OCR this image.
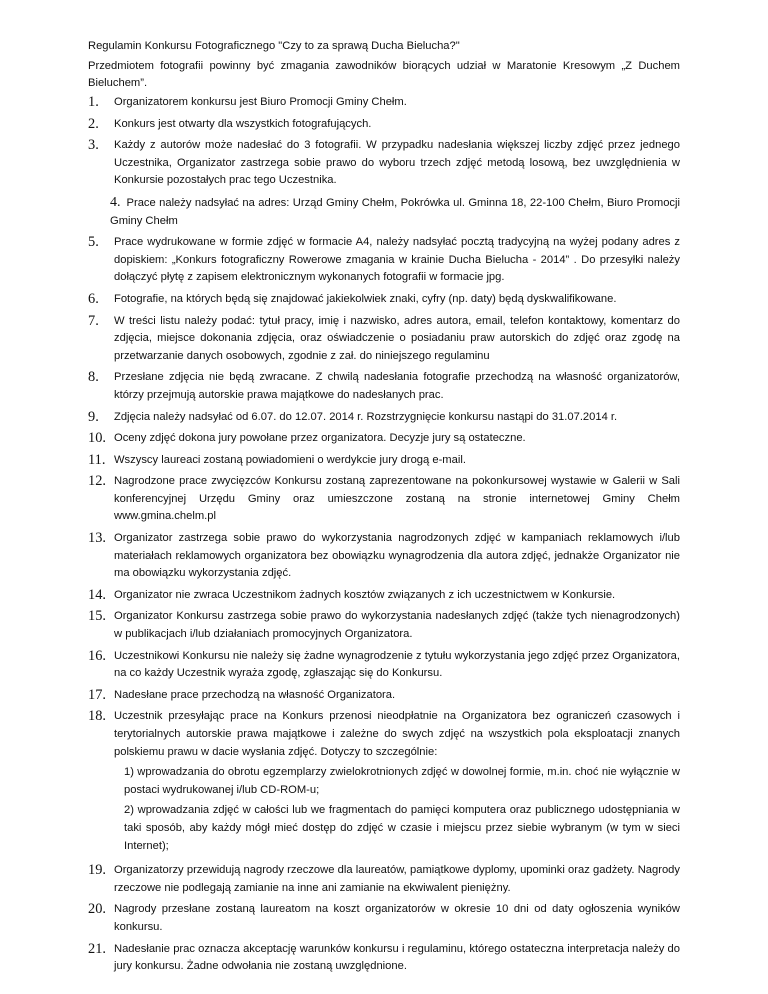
Regulamin Konkursu Fotograficznego "Czy to za sprawą Ducha Bielucha?"

Przedmiotem fotografii powinny być zmagania zawodników biorących udział w Maratonie Kresowym „Z Duchem Bieluchem”.

1.	Organizatorem konkursu jest Biuro Promocji Gminy Chełm.
2.	Konkurs jest otwarty dla wszystkich fotografujących.
3.	Każdy z autorów może nadesłać do 3 fotografii. W przypadku nadesłania większej liczby zdjęć przez jednego Uczestnika, Organizator zastrzega sobie prawo do wyboru trzech zdjęć metodą losową, bez uwzględnienia w Konkursie pozostałych prac tego Uczestnika.
4. Prace należy nadsyłać na adres: Urząd Gminy Chełm, Pokrówka ul. Gminna 18, 22-100 Chełm, Biuro Promocji Gminy Chełm
5.	Prace wydrukowane w formie zdjęć w formacie A4, należy nadsyłać pocztą tradycyjną na wyżej podany adres z dopiskiem: „Konkurs fotograficzny Rowerowe zmagania w krainie Ducha Bielucha - 2014” . Do przesyłki należy dołączyć płytę z zapisem elektronicznym wykonanych fotografii w formacie jpg.
6.	Fotografie, na których będą się znajdować jakiekolwiek znaki, cyfry (np. daty) będą dyskwalifikowane.
7.	W treści listu należy podać: tytuł pracy, imię i nazwisko, adres autora, email, telefon kontaktowy, komentarz do zdjęcia, miejsce dokonania zdjęcia, oraz oświadczenie o posiadaniu praw autorskich do zdjęć oraz zgodę na przetwarzanie danych osobowych, zgodnie z zał. do niniejszego regulaminu
8.	Przesłane zdjęcia nie będą zwracane. Z chwilą nadesłania fotografie przechodzą na własność organizatorów, którzy przejmują autorskie prawa majątkowe do nadesłanych prac.
9.	Zdjęcia należy nadsyłać od 6.07. do 12.07. 2014 r. Rozstrzygnięcie konkursu nastąpi do 31.07.2014 r.
10. Oceny zdjęć dokona jury powołane przez organizatora. Decyzje jury są ostateczne.
11. Wszyscy laureaci zostaną powiadomieni o werdykcie jury drogą e-mail.
12. Nagrodzone prace zwycięzców Konkursu zostaną zaprezentowane na pokonkursowej wystawie w Galerii w Sali konferencyjnej Urzędu Gminy oraz umieszczone zostaną na stronie internetowej Gminy Chełm www.gmina.chelm.pl
13. Organizator zastrzega sobie prawo do wykorzystania nagrodzonych zdjęć w kampaniach reklamowych i/lub materiałach reklamowych organizatora bez obowiązku wynagrodzenia dla autora zdjęć, jednakże Organizator nie ma obowiązku wykorzystania zdjęć.
14. Organizator nie zwraca Uczestnikom żadnych kosztów związanych z ich uczestnictwem w Konkursie.
15. Organizator Konkursu zastrzega sobie prawo do wykorzystania nadesłanych zdjęć (także tych nienagrodzonych) w publikacjach i/lub działaniach promocyjnych Organizatora.
16. Uczestnikowi Konkursu nie należy się żadne wynagrodzenie z tytułu wykorzystania jego zdjęć przez Organizatora, na co każdy Uczestnik wyraża zgodę, zgłaszając się do Konkursu.
17. Nadesłane prace przechodzą na własność Organizatora.
18. Uczestnik przesyłając prace na Konkurs przenosi nieodpłatnie na Organizatora bez ograniczeń czasowych i terytorialnych autorskie prawa majątkowe i zależne do swych zdjęć na wszystkich pola eksploatacji znanych polskiemu prawu w dacie wysłania zdjęć. Dotyczy to szczególnie:
1) wprowadzania do obrotu egzemplarzy zwielokrotnionych zdjęć w dowolnej formie, m.in. choć nie wyłącznie w postaci wydrukowanej i/lub CD-ROM-u;
2) wprowadzania zdjęć w całości lub we fragmentach do pamięci komputera oraz publicznego udostępniania w taki sposób, aby każdy mógł mieć dostęp do zdjęć w czasie i miejscu przez siebie wybranym (w tym w sieci Internet);
19. Organizatorzy przewidują nagrody rzeczowe dla laureatów, pamiątkowe dyplomy, upominki oraz gadżety. Nagrody rzeczowe nie podlegają zamianie na inne ani zamianie na ekwiwalent pieniężny.
20. Nagrody przesłane zostaną laureatom na koszt organizatorów w okresie 10 dni od daty ogłoszenia wyników konkursu.
21. Nadesłanie prac oznacza akceptację warunków konkursu i regulaminu, którego ostateczna interpretacja należy do jury konkursu. Żadne odwołania nie zostaną uwzględnione.
